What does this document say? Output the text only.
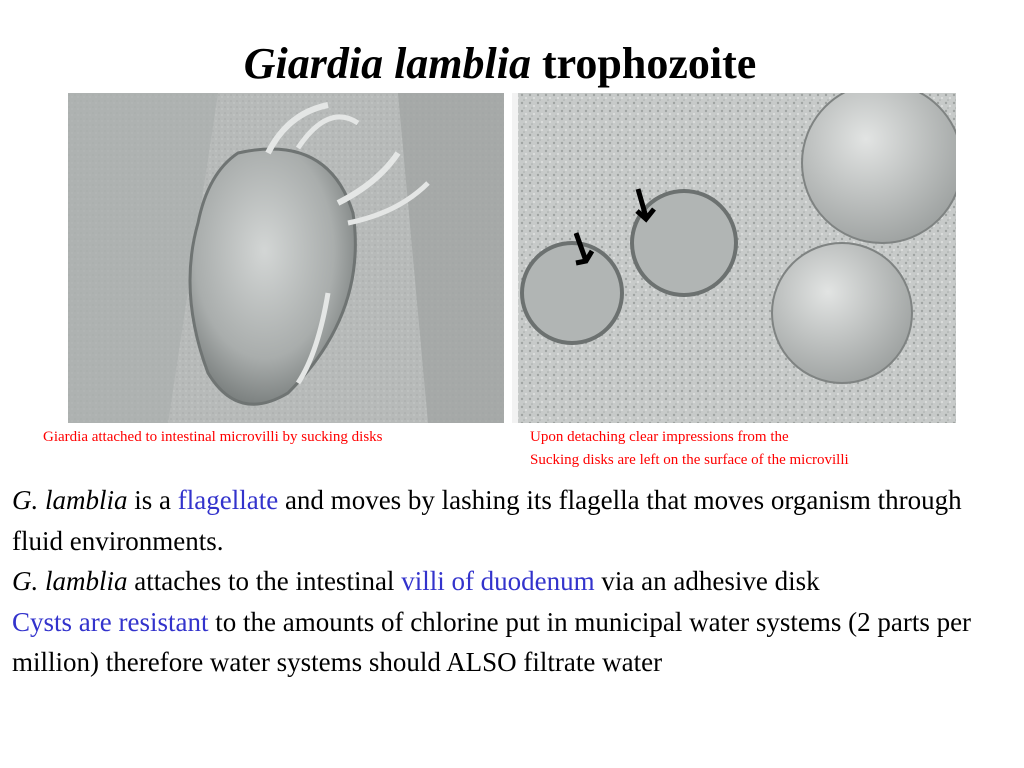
Giardia lamblia trophozoite
Giardia attached to intestinal microvilli by sucking disks	Upon detaching clear impressions from the
Sucking disks are left on the surface of the microvilli

G. lamblia is a flagellate and moves by lashing its flagella that moves organism through fluid environments.

G. lamblia attaches to the intestinal villi of duodenum via an adhesive disk

Cysts are resistant to the amounts of chlorine put in municipal water systems (2 parts per million) therefore water systems should ALSO filtrate water
